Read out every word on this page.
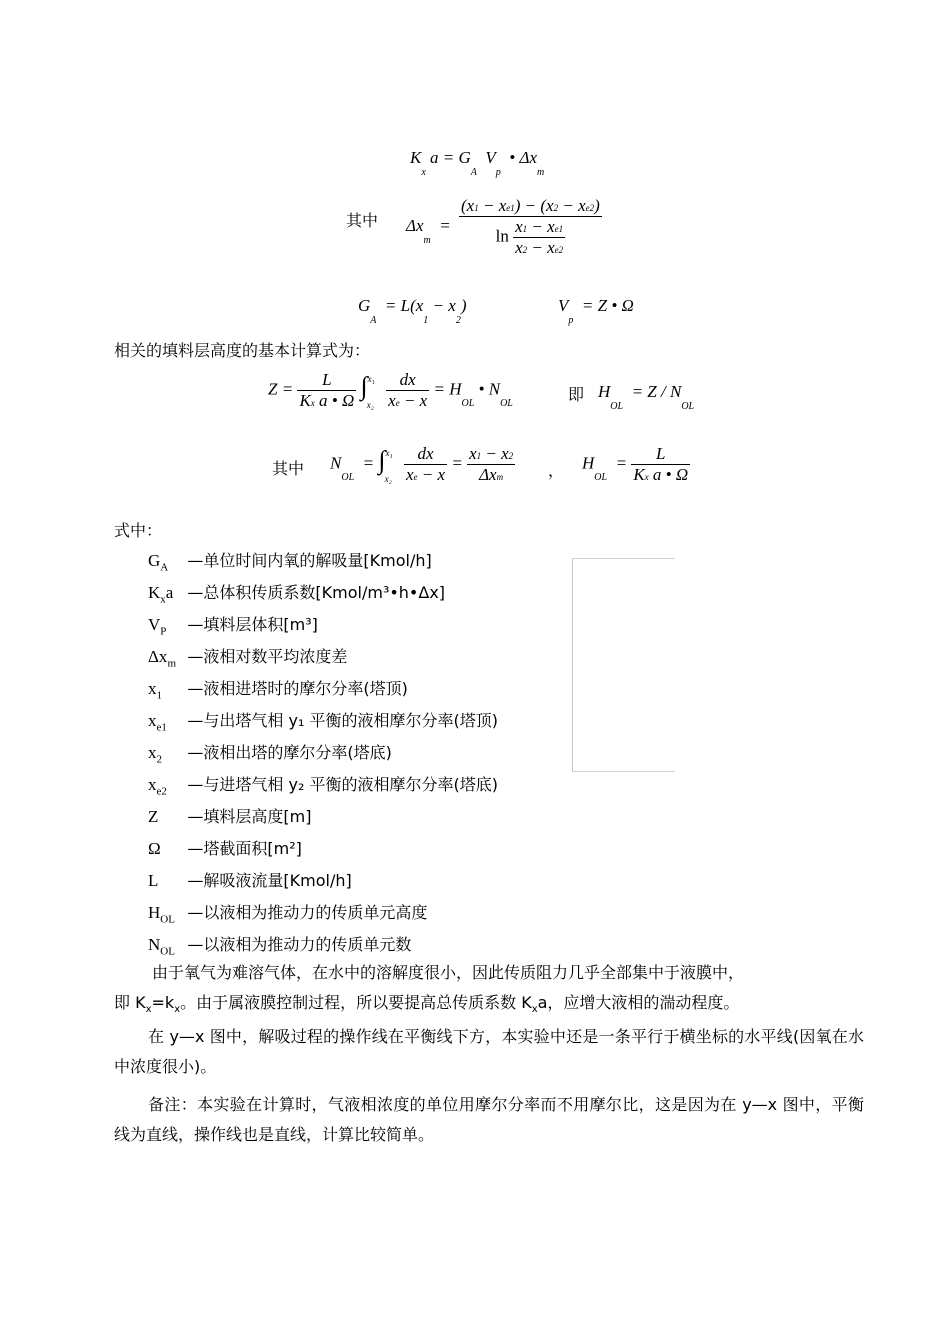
$K_x$ $a = G_A$  $V_p$  • $\Delta x_m$
其中 $\Delta x_m = \frac{(x1 - xe1) - (x2 - xe2)}{\ln \frac{x1 - xe1}{x2 - xe2}}$
$G_A = L(x_1 - x_2)$	$V_p = Z$ • Ω
相关的填料层高度的基本计算式为：
$Z = \frac{L}{\text{Kx a • Ω}} \int^{x_1}_{x_2} \frac{dx}{xe - x} = H_{OL}$ • $N_{OL}$	即 $H_{OL} = Z / N_{OL}$
其中 $N_{OL} = \int^{x_1}_{x_2} \frac{dx}{xe - x} = \frac{x1 - x2}{\text{Δxm}}$ ， $H_{OL} = \frac{L}{\text{Kx a • Ω}}$
式中：
$G_A$ —单位时间内氧的解吸量[Kmol/h]
$K_xa$ —总体积传质系数[Kmol/m³•h•Δx]
$V_P$ —填料层体积[m³]
$\Delta x_m$ —液相对数平均浓度差
$x_1$ —液相进塔时的摩尔分率(塔顶)
$x_{e1}$ —与出塔气相 y₁ 平衡的液相摩尔分率(塔顶)
$x_2$ —液相出塔的摩尔分率(塔底)
$x_{e2}$ —与进塔气相 y₂ 平衡的液相摩尔分率(塔底)
Z —填料层高度[m]
Ω —塔截面积[m²]
L —解吸液流量[Kmol/h]
$H_{OL}$ —以液相为推动力的传质单元高度
$N_{OL}$ —以液相为推动力的传质单元数
由于氧气为难溶气体，在水中的溶解度很小，因此传质阻力几乎全部集中于液膜中，
即 $K_x=k_x$。由于属液膜控制过程，所以要提高总传质系数 $K_xa$，应增大液相的湍动程度。
在 y—x 图中，解吸过程的操作线在平衡线下方，本实验中还是一条平行于横坐标的水平线(因氧在水中浓度很小)。
备注：本实验在计算时，气液相浓度的单位用摩尔分率而不用摩尔比，这是因为在 y—x 图中，平衡线为直线，操作线也是直线，计算比较简单。
